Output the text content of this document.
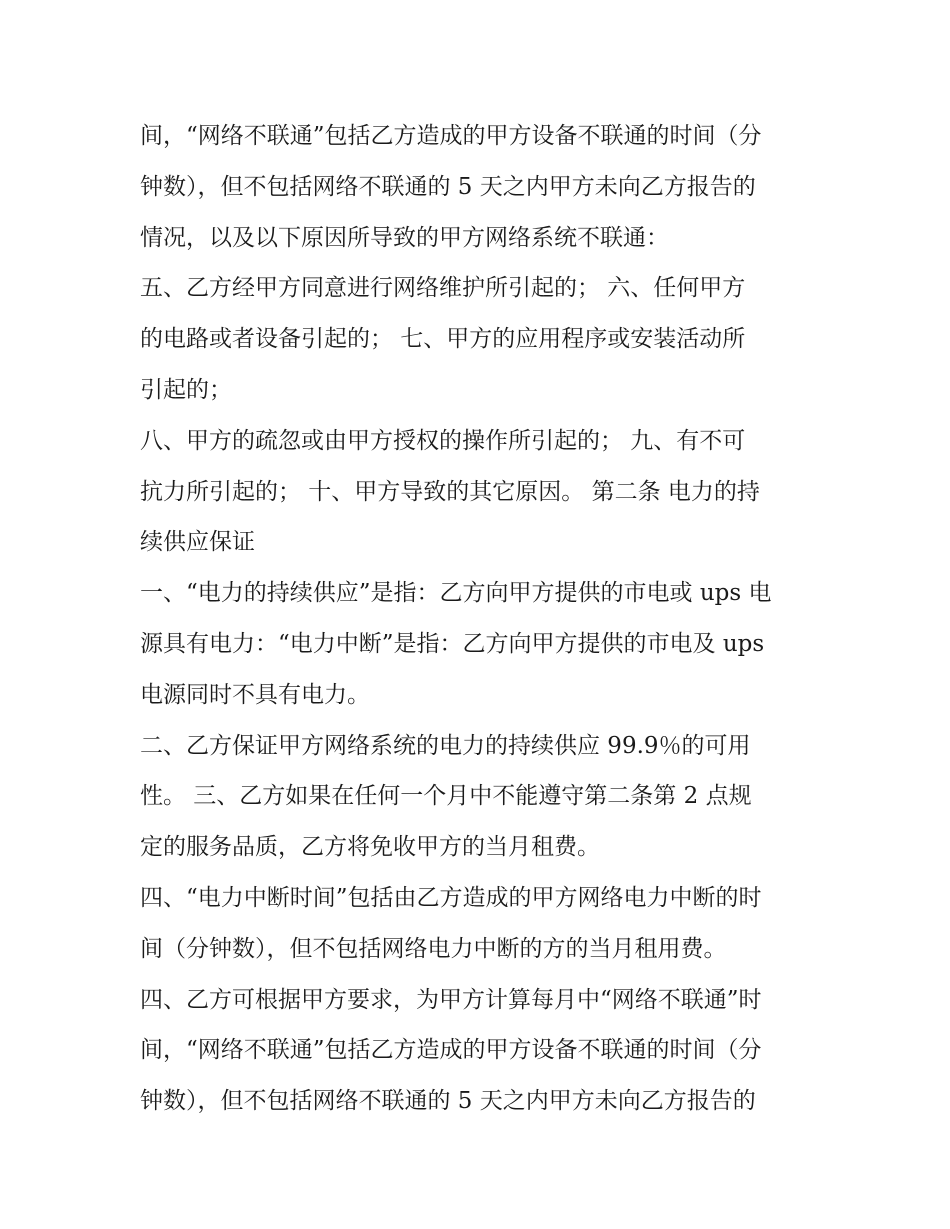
间，“网络不联通”包括乙方造成的甲方设备不联通的时间（分
钟数），但不包括网络不联通的 5 天之内甲方未向乙方报告的
情况，以及以下原因所导致的甲方网络系统不联通：
五、乙方经甲方同意进行网络维护所引起的； 六、任何甲方
的电路或者设备引起的； 七、甲方的应用程序或安装活动所
引起的；
八、甲方的疏忽或由甲方授权的操作所引起的； 九、有不可
抗力所引起的； 十、甲方导致的其它原因。 第二条 电力的持
续供应保证
一、“电力的持续供应”是指：乙方向甲方提供的市电或 ups 电
源具有电力：“电力中断”是指：乙方向甲方提供的市电及 ups
电源同时不具有电力。
二、乙方保证甲方网络系统的电力的持续供应 99.9％的可用
性。 三、乙方如果在任何一个月中不能遵守第二条第 2 点规
定的服务品质，乙方将免收甲方的当月租费。
四、“电力中断时间”包括由乙方造成的甲方网络电力中断的时
间（分钟数），但不包括网络电力中断的方的当月租用费。
四、乙方可根据甲方要求，为甲方计算每月中“网络不联通”时
间，“网络不联通”包括乙方造成的甲方设备不联通的时间（分
钟数），但不包括网络不联通的 5 天之内甲方未向乙方报告的
